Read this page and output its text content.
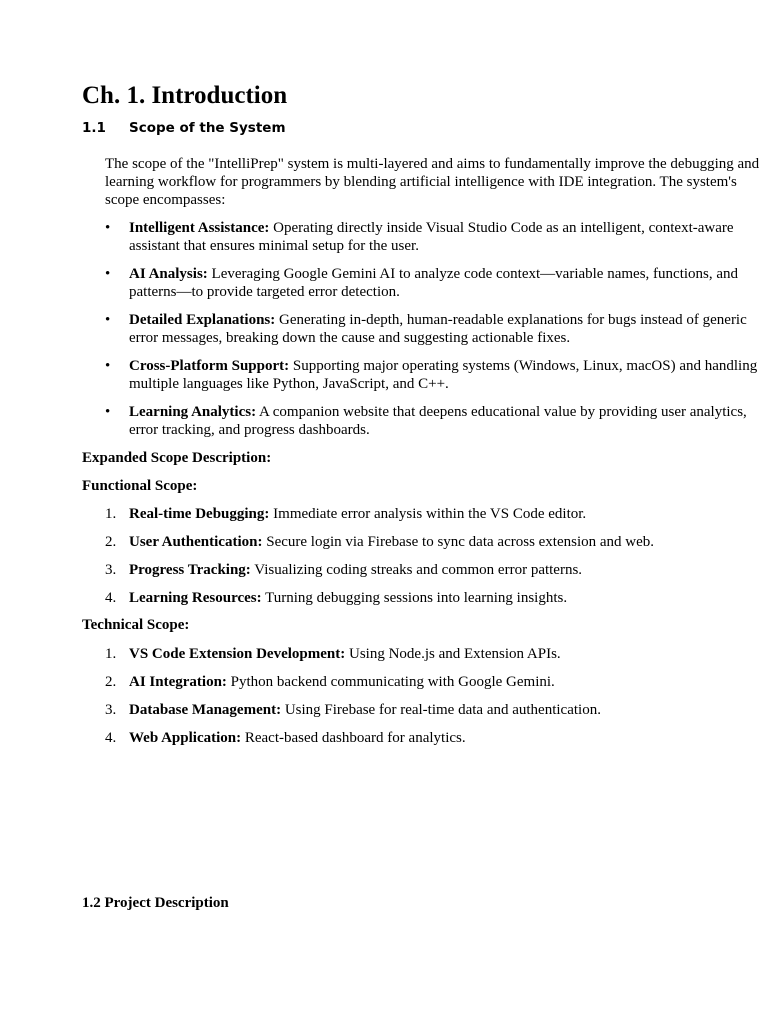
Ch. 1. Introduction
1.1 Scope of the System

The scope of the "IntelliPrep" system is multi-layered and aims to fundamentally improve the debugging and learning workflow for programmers by blending artificial intelligence with IDE integration. The system's scope encompasses:

• Intelligent Assistance: Operating directly inside Visual Studio Code as an intelligent, context-aware assistant that ensures minimal setup for the user.
• AI Analysis: Leveraging Google Gemini AI to analyze code context—variable names, functions, and patterns—to provide targeted error detection.
• Detailed Explanations: Generating in-depth, human-readable explanations for bugs instead of generic error messages, breaking down the cause and suggesting actionable fixes.
• Cross-Platform Support: Supporting major operating systems (Windows, Linux, macOS) and handling multiple languages like Python, JavaScript, and C++.
• Learning Analytics: A companion website that deepens educational value by providing user analytics, error tracking, and progress dashboards.
Expanded Scope Description:
Functional Scope:
1. Real-time Debugging: Immediate error analysis within the VS Code editor.
2. User Authentication: Secure login via Firebase to sync data across extension and web.
3. Progress Tracking: Visualizing coding streaks and common error patterns.
4. Learning Resources: Turning debugging sessions into learning insights.
Technical Scope:
1. VS Code Extension Development: Using Node.js and Extension APIs.
2. AI Integration: Python backend communicating with Google Gemini.
3. Database Management: Using Firebase for real-time data and authentication.
4. Web Application: React-based dashboard for analytics.
1.2 Project Description
